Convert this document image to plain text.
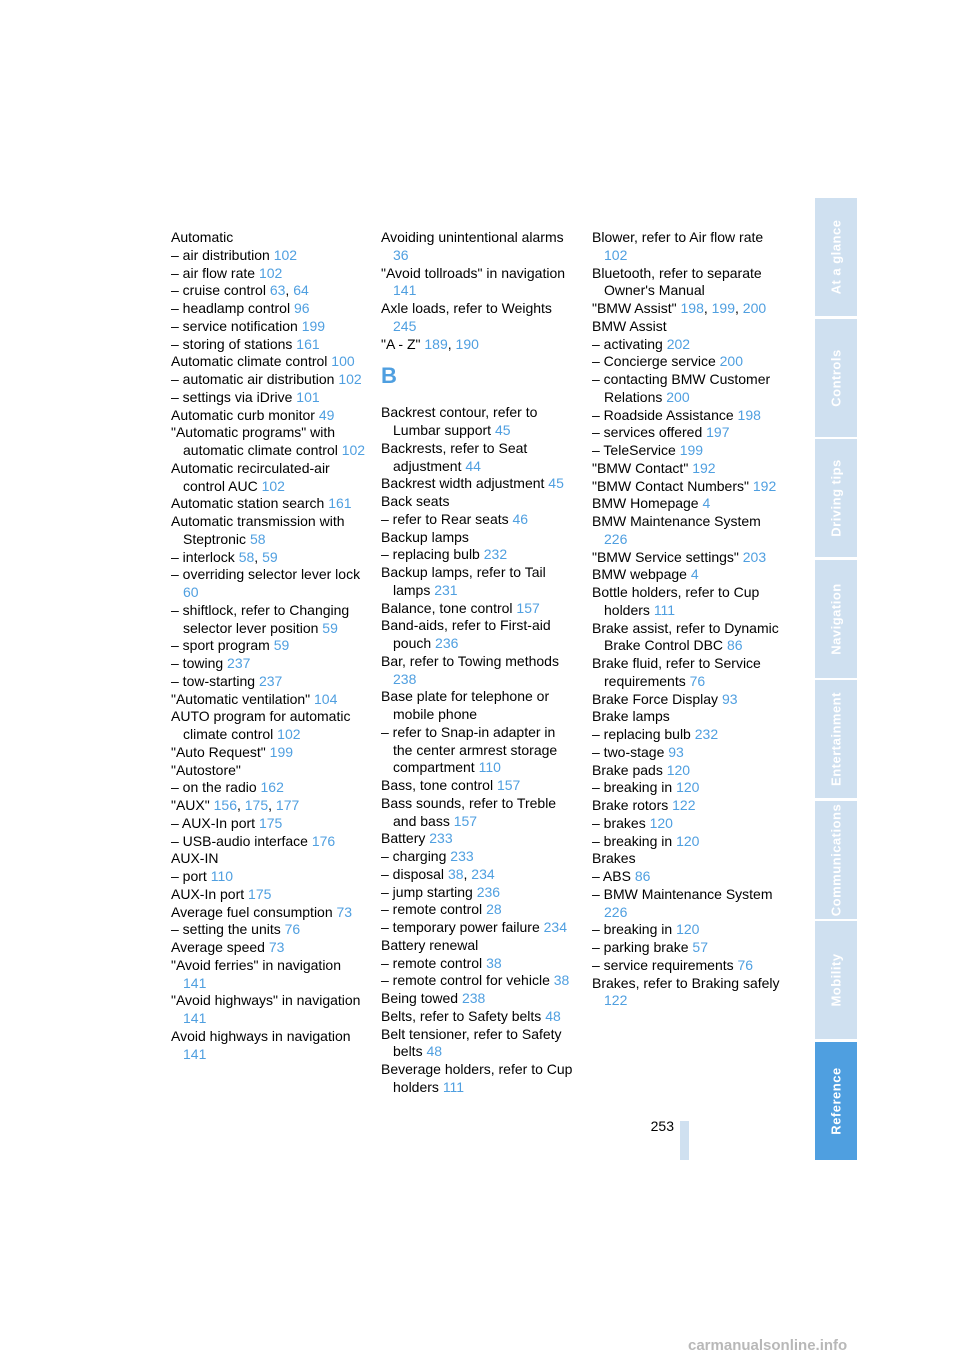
Automatic

– air distribution 102

– air flow rate 102

– cruise control 63, 64

– headlamp control 96

– service notification 199

– storing of stations 161

Automatic climate control 100

– automatic air distribution 102

– settings via iDrive 101

Automatic curb monitor 49

"Automatic programs" with automatic climate control 102

Automatic recirculated-air control AUC 102

Automatic station search 161

Automatic transmission with Steptronic 58

– interlock 58, 59

– overriding selector lever lock 60

– shiftlock, refer to Changing selector lever position 59

– sport program 59

– towing 237

– tow-starting 237

"Automatic ventilation" 104

AUTO program for automatic climate control 102

"Auto Request" 199

"Autostore"

– on the radio 162

"AUX" 156, 175, 177

– AUX-In port 175

– USB-audio interface 176

AUX-IN

– port 110

AUX-In port 175

Average fuel consumption 73

– setting the units 76

Average speed 73

"Avoid ferries" in navigation 141

"Avoid highways" in navigation 141

Avoid highways in navigation 141

Avoiding unintentional alarms 36

"Avoid tollroads" in navigation 141

Axle loads, refer to Weights 245

"A - Z" 189, 190

B

Backrest contour, refer to Lumbar support 45

Backrests, refer to Seat adjustment 44

Backrest width adjustment 45

Back seats

– refer to Rear seats 46

Backup lamps

– replacing bulb 232

Backup lamps, refer to Tail lamps 231

Balance, tone control 157

Band-aids, refer to First-aid pouch 236

Bar, refer to Towing methods 238

Base plate for telephone or mobile phone

– refer to Snap-in adapter in the center armrest storage compartment 110

Bass, tone control 157

Bass sounds, refer to Treble and bass 157

Battery 233

– charging 233

– disposal 38, 234

– jump starting 236

– remote control 28

– temporary power failure 234

Battery renewal

– remote control 38

– remote control for vehicle 38

Being towed 238

Belts, refer to Safety belts 48

Belt tensioner, refer to Safety belts 48

Beverage holders, refer to Cup holders 111

Blower, refer to Air flow rate 102

Bluetooth, refer to separate Owner's Manual

"BMW Assist" 198, 199, 200

BMW Assist

– activating 202

– Concierge service 200

– contacting BMW Customer Relations 200

– Roadside Assistance 198

– services offered 197

– TeleService 199

"BMW Contact" 192

"BMW Contact Numbers" 192

BMW Homepage 4

BMW Maintenance System 226

"BMW Service settings" 203

BMW webpage 4

Bottle holders, refer to Cup holders 111

Brake assist, refer to Dynamic Brake Control DBC 86

Brake fluid, refer to Service requirements 76

Brake Force Display 93

Brake lamps

– replacing bulb 232

– two-stage 93

Brake pads 120

– breaking in 120

Brake rotors 122

– brakes 120

– breaking in 120

Brakes

– ABS 86

– BMW Maintenance System 226

– breaking in 120

– parking brake 57

– service requirements 76

Brakes, refer to Braking safely 122

At a glance
Controls
Driving tips
Navigation
Entertainment
Communications
Mobility
Reference
253
carmanualsonline.info
